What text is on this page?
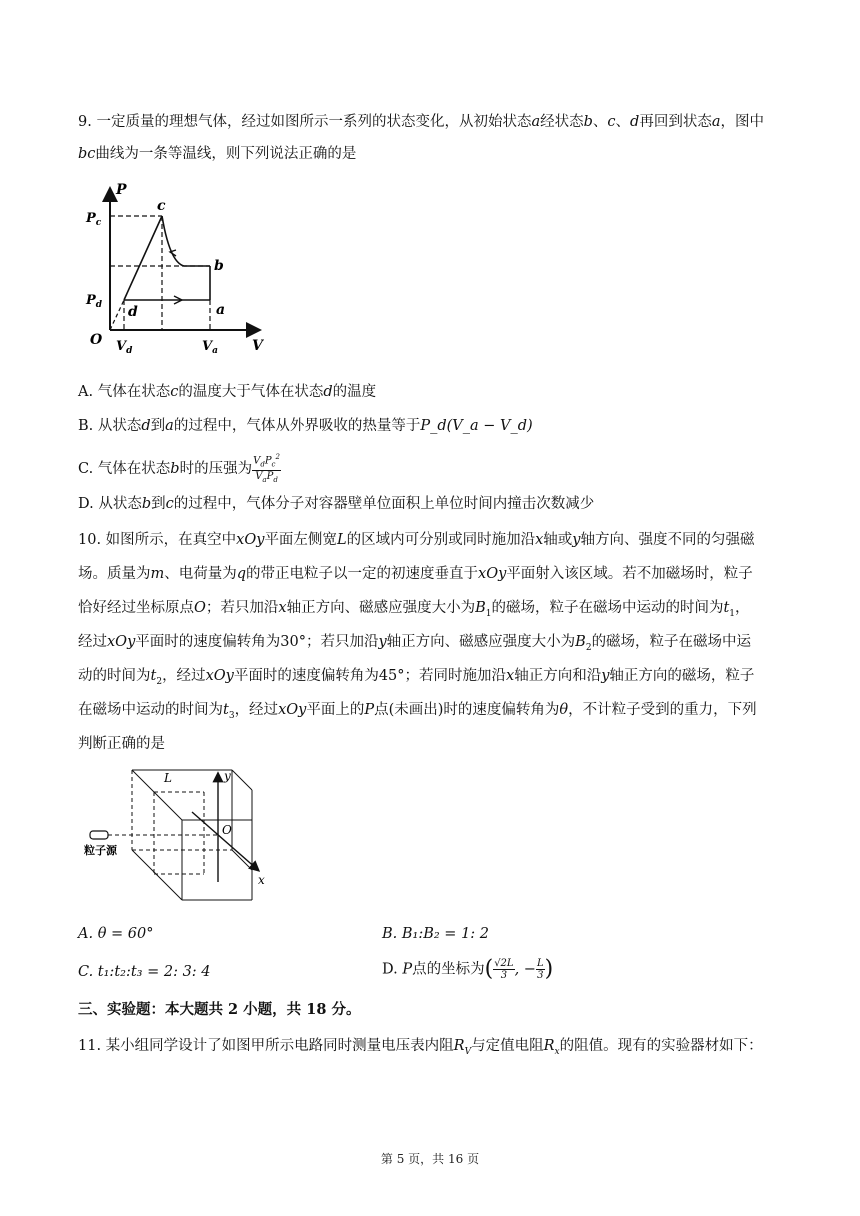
9. 一定质量的理想气体，经过如图所示一系列的状态变化，从初始状态a经状态b、c、d再回到状态a，图中
bc曲线为一条等温线，则下列说法正确的是
P
V
O
$P_c$
$P_d$
$V_d$	$V_a$
a
b
c
d
A. 气体在状态c的温度大于气体在状态d的温度
B. 从状态d到a的过程中，气体从外界吸收的热量等于P_d(V_a − V_d)
C. 气体在状态b时的压强为 $\frac{V_dP_c^2}{V_aP_d}$
D. 从状态b到c的过程中，气体分子对容器壁单位面积上单位时间内撞击次数减少
10. 如图所示，在真空中xOy平面左侧宽L的区域内可分别或同时施加沿x轴或y轴方向、强度不同的匀强磁
场。质量为m、电荷量为q的带正电粒子以一定的初速度垂直于xOy平面射入该区域。若不加磁场时，粒子
恰好经过坐标原点O；若只加沿x轴正方向、磁感应强度大小为$B_1$的磁场，粒子在磁场中运动的时间为$t_1$，
经过xOy平面时的速度偏转角为30°；若只加沿y轴正方向、磁感应强度大小为$B_2$的磁场，粒子在磁场中运
动的时间为$t_2$，经过xOy平面时的速度偏转角为45°；若同时施加沿x轴正方向和沿y轴正方向的磁场，粒子
在磁场中运动的时间为$t_3$，经过xOy平面上的P点(未画出)时的速度偏转角为θ，不计粒子受到的重力，下列
判断正确的是
L	y
O
x
粒子源
A. θ = 60°	B. B₁:B₂ = 1: 2
C. t₁:t₂:t₃ = 2: 3: 4	D. P点的坐标为( $\frac{√2L}{3}$ , − $\frac{L}{3}$ )
三、实验题：本大题共 2 小题，共 18 分。
11. 某小组同学设计了如图甲所示电路同时测量电压表内阻$R_V$与定值电阻$R_x$的阻值。现有的实验器材如下：
第 5 页，共 16 页
